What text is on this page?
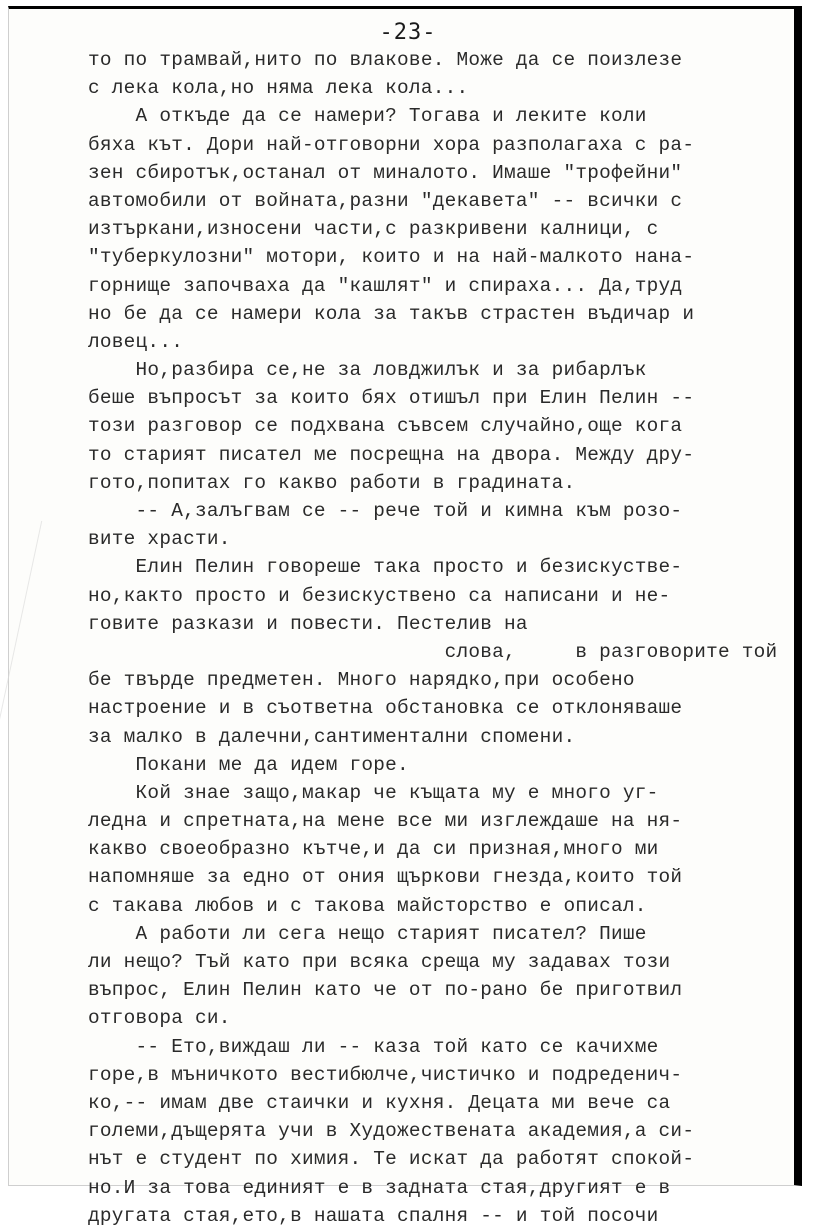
-23-
то по трамвай,нито по влакове. Може да се поизлезе
с лека кола,но няма лека кола...
А откъде да се намери? Тогава и леките коли
бяха кът. Дори най-отговорни хора разполагаха с ра-
зен сбиротък,останал от миналото. Имаше "трофейни"
автомобили от войната,разни "декавета" -- всички с
изтъркани,износени части,с разкривени калници, с
"туберкулозни" мотори, които и на най-малкото нана-
горнище започваха да "кашлят" и спираха... Да,труд
но бе да се намери кола за такъв страстен въдичар и
ловец...
Но,разбира се,не за ловджилък и за рибарлък
беше въпросът за които бях отишъл при Елин Пелин --
този разговор се подхвана съвсем случайно,още кога
то старият писател ме посрещна на двора. Между дру-
гото,попитах го какво работи в градината.
-- А,залъгвам се -- рече той и кимна към розо-
вите храсти.
Елин Пелин говореше така просто и безискустве-
но,както просто и безискуствено са написани и не-
говите разкази и повести. Пестелив на
слова,     в разговорите той
бе твърде предметен. Много нарядко,при особено
настроение и в съответна обстановка се отклоняваше
за малко в далечни,сантиментални спомени.
Покани ме да идем горе.
Кой знае защо,макар че къщата му е много уг-
ледна и спретната,на мене все ми изглеждаше на ня-
какво своеобразно кътче,и да си призная,много ми
напомняше за едно от ония щъркови гнезда,които той
с такава любов и с такова майсторство е описал.
А работи ли сега нещо старият писател? Пише
ли нещо? Тъй като при всяка среща му задавах този
въпрос, Елин Пелин като че от по-рано бе приготвил
отговора си.
-- Ето,виждаш ли -- каза той като се качихме
горе,в мъничкото вестибюлче,чистичко и подреденич-
ко,-- имам две стаички и кухня. Децата ми вече са
големи,дъщерята учи в Художествената академия,а си-
нът е студент по химия. Те искат да работят спокой-
но.И за това единият е в задната стая,другият е в
другата стая,ето,в нашата спалня -- и той посочи
